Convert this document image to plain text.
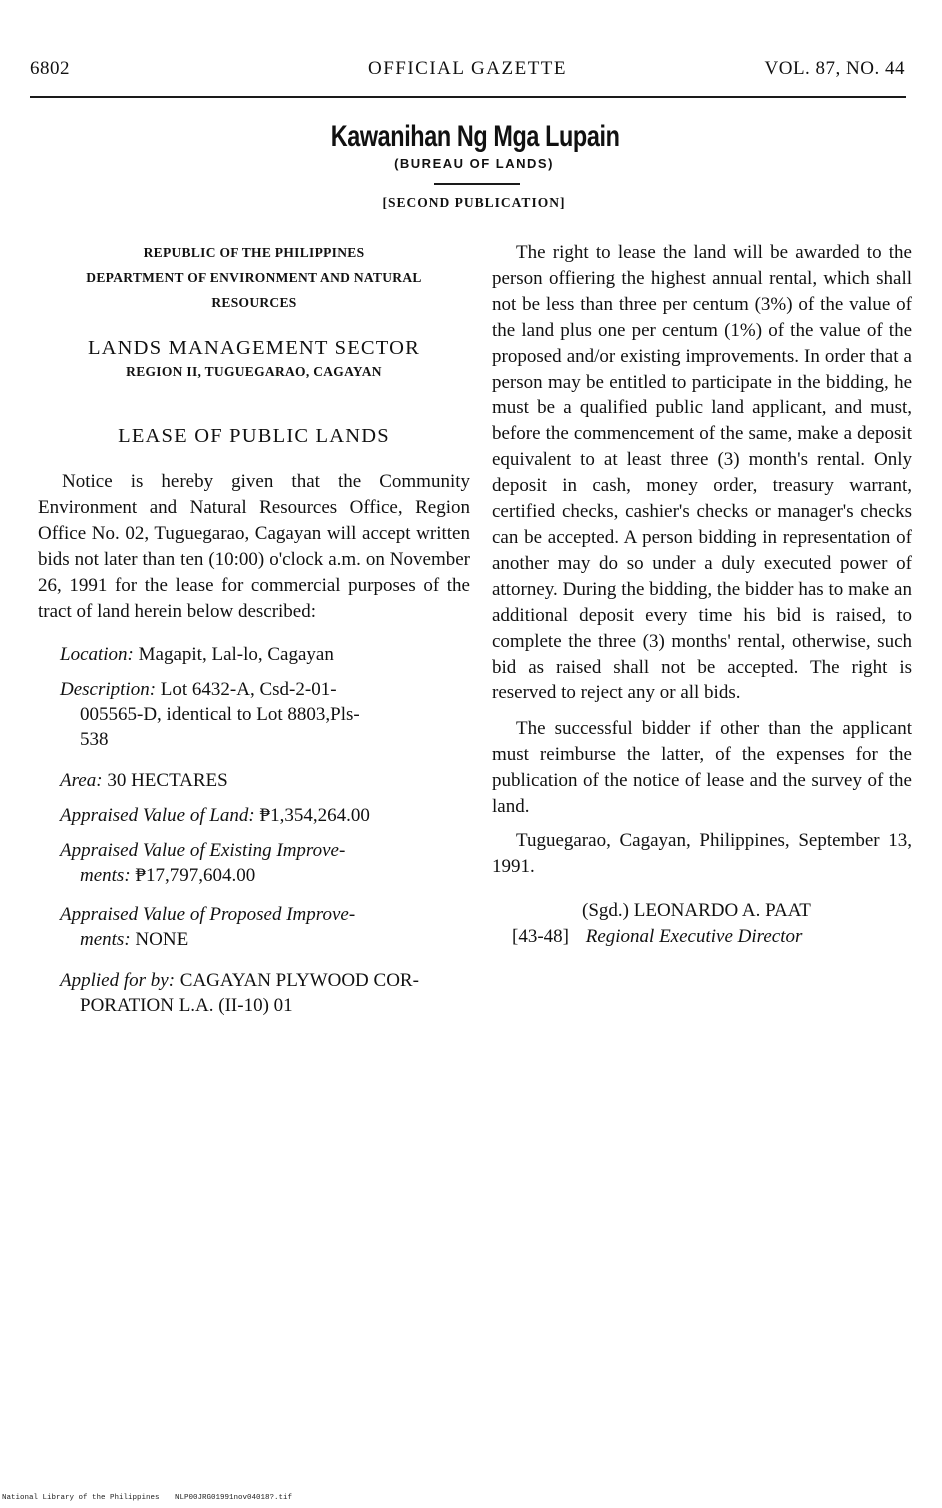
6802	OFFICIAL GAZETTE	VOL. 87, NO. 44
Kawanihan Ng Mga Lupain
(BUREAU OF LANDS)
[SECOND PUBLICATION]
REPUBLIC OF THE PHILIPPINES
DEPARTMENT OF ENVIRONMENT AND NATURAL
RESOURCES
LANDS MANAGEMENT SECTOR
REGION II, TUGUEGARAO, CAGAYAN
LEASE OF PUBLIC LANDS

Notice is hereby given that the Community Environment and Natural Resources Office, Region Office No. 02, Tuguegarao, Cagayan will accept written bids not later than ten (10:00) o'clock a.m. on November 26, 1991 for the lease for commercial purposes of the tract of land herein below described:

Location: Magapit, Lal-lo, Cagayan
Description: Lot 6432-A, Csd-2-01-
005565-D, identical to Lot 8803,Pls-
538
Area: 30 HECTARES
Appraised Value of Land: ₱1,354,264.00
Appraised Value of Existing Improve-
ments: ₱17,797,604.00
Appraised Value of Proposed Improve-
ments: NONE
Applied for by: CAGAYAN PLYWOOD COR-
PORATION L.A. (II-10) 01

The right to lease the land will be awarded to the person offiering the highest annual rental, which shall not be less than three per centum (3%) of the value of the land plus one per centum (1%) of the value of the proposed and/or existing improvements. In order that a person may be entitled to participate in the bidding, he must be a qualified public land applicant, and must, before the commencement of the same, make a deposit equivalent to at least three (3) month's rental. Only deposit in cash, money order, treasury warrant, certified checks, cashier's checks or manager's checks can be accepted. A person bidding in representation of another may do so under a duly executed power of attorney. During the bidding, the bidder has to make an additional deposit every time his bid is raised, to complete the three (3) months' rental, otherwise, such bid as raised shall not be accepted. The right is reserved to reject any or all bids.

The successful bidder if other than the applicant must reimburse the latter, of the expenses for the publication of the notice of lease and the survey of the land.

Tuguegarao, Cagayan, Philippines, September 13, 1991.

(Sgd.) LEONARDO A. PAAT
[43-48] Regional Executive Director
National Library of the Philippines NLP00JRG01991nov04018?.tif
